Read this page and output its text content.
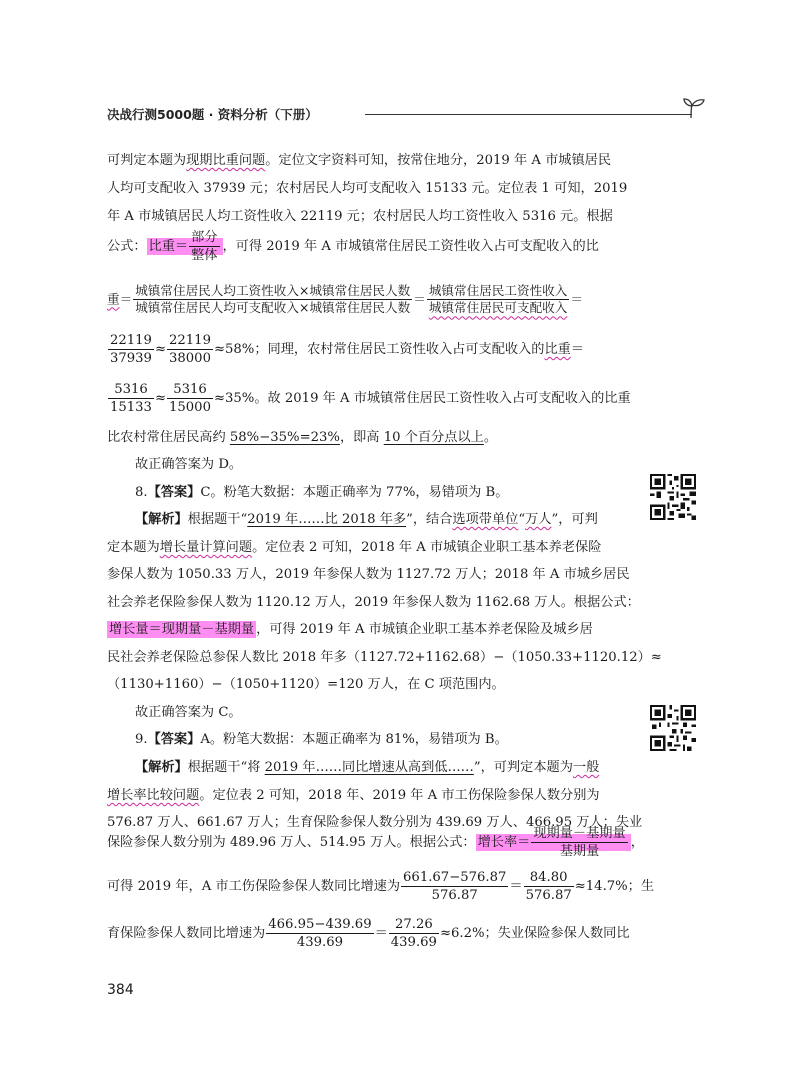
决战行测5000题 · 资料分析（下册）
可判定本题为现期比重问题。定位文字资料可知，按常住地分，2019 年 A 市城镇居民
人均可支配收入 37939 元；农村居民人均可支配收入 15133 元。定位表 1 可知，2019
年 A 市城镇居民人均工资性收入 22119 元；农村居民人均工资性收入 5316 元。根据
公式： 比重＝ $\frac{\text{部分}}{\text{整体}}$ ，可得 2019 年 A 市城镇常住居民工资性收入占可支配收入的比
重＝ $\frac{\text{城镇常住居民人均工资性收入×城镇常住居民人数}}{\text{城镇常住居民人均可支配收入×城镇常住居民人数}} = \frac{\text{城镇常住居民工资性收入}}{\text{城镇常住居民可支配收入}}$ ＝
$\frac{22119}{37939} \approx \frac{22119}{38000} \approx 58\%$；同理，农村常住居民工资性收入占可支配收入的比重＝
$\frac{5316}{15133} \approx \frac{5316}{15000} \approx 35\%$。故 2019 年 A 市城镇常住居民工资性收入占可支配收入的比重
比农村常住居民高约 58%−35%=23%，即高 10 个百分点以上。
故正确答案为 D。
8.【答案】C。粉笔大数据：本题正确率为 77%，易错项为 B。
【解析】根据题干“2019 年……比 2018 年多”，结合选项带单位“万人”，可判
定本题为增长量计算问题。定位表 2 可知，2018 年 A 市城镇企业职工基本养老保险
参保人数为 1050.33 万人，2019 年参保人数为 1127.72 万人；2018 年 A 市城乡居民
社会养老保险参保人数为 1120.12 万人，2019 年参保人数为 1162.68 万人。根据公式：
增长量＝现期量－基期量 ，可得 2019 年 A 市城镇企业职工基本养老保险及城乡居
民社会养老保险总参保人数比 2018 年多（1127.72+1162.68）−（1050.33+1120.12）≈
（1130+1160）−（1050+1120）=120 万人，在 C 项范围内。
故正确答案为 C。
9.【答案】A。粉笔大数据：本题正确率为 81%，易错项为 B。
【解析】根据题干“将 2019 年……同比增速从高到低……”，可判定本题为一般
增长率比较问题。定位表 2 可知，2018 年、2019 年 A 市工伤保险参保人数分别为
576.87 万人、661.67 万人；生育保险参保人数分别为 439.69 万人、466.95 万人；失业
保险参保人数分别为 489.96 万人、514.95 万人。根据公式： 增长率＝ $\frac{\text{现期量－基期量}}{\text{基期量}}$ ，
可得 2019 年，A 市工伤保险参保人数同比增速为 $\frac{661.67-576.87}{576.87} = \frac{84.80}{576.87} \approx 14.7\%$；生
育保险参保人数同比增速为 $\frac{466.95-439.69}{439.69} = \frac{27.26}{439.69} \approx 6.2\%$；失业保险参保人数同比
384
